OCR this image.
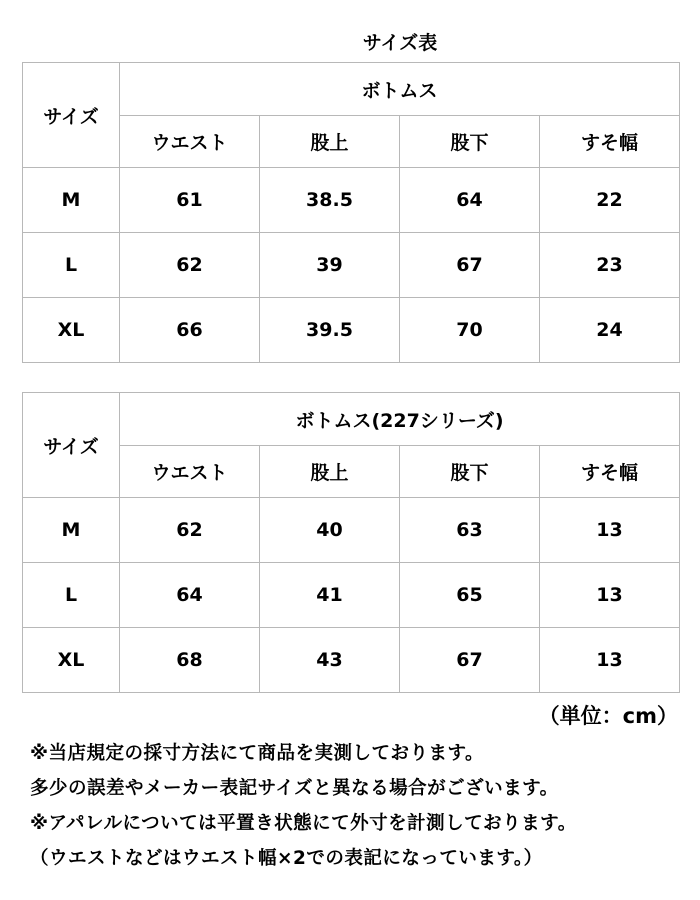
サイズ表
サイズ	ボトムス			
	ウエスト	股上	股下	すそ幅
M	61	38.5	64	22
L	62	39	67	23
XL	66	39.5	70	24
サイズ	ボトムス(227シリーズ)			
	ウエスト	股上	股下	すそ幅
M	62	40	63	13
L	64	41	65	13
XL	68	43	67	13
（単位：cm）
※当店規定の採寸方法にて商品を実測しております。
多少の誤差やメーカー表記サイズと異なる場合がございます。
※アパレルについては平置き状態にて外寸を計測しております。
（ウエストなどはウエスト幅×2での表記になっています。）
